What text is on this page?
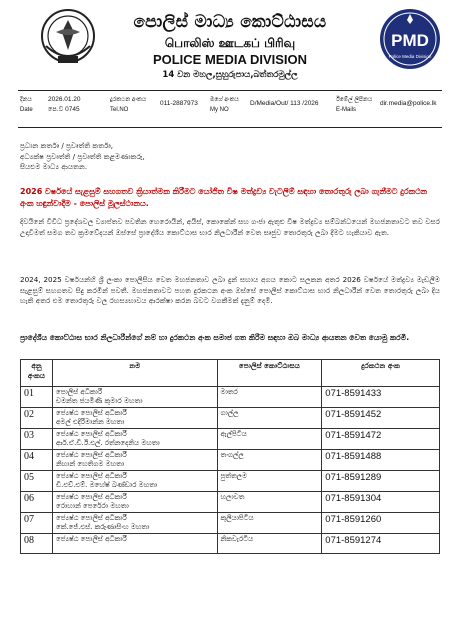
PMD
Police Media Division
පොලිස් මාධ්‍ය කොට්ඨාසය
பொலிஸ் ஊடகப் பிரிவு
POLICE MEDIA DIVISION
14 වන මහල,සුහුරුපාය,බත්තරමුල්ල
දිනය
Date
2026.01.20
පෙ.ව 0745
දුරකථන අංකය
Tel.NO
011-2887973 මගේ අංකය
My NO
D/Media/Out/ 113 /2026	ඊමේල් ලිපිනය
E-Mails
dir.media@police.lk
ප්‍රධාන කර්තෘ / ප්‍රවෘත්ති කර්තෘ,
අධ්‍යක්ෂ ප්‍රවෘත්ති / ප්‍රවෘත්ති කළමණාකරු,
සියළුම මාධ්‍ය ආයතන.
2026 වර්ෂයේ සැළසුම් සහගතව ක්‍රියාත්මක කිරීමට යෝජිත විෂ මත්ද්‍රව්‍ය වැටලීම් සඳහා තොරතුරු ලබා ගැනීමට දුරකථන අංක හඳුන්වාදීම - පොලිස් මූලස්ථානය.
දිවයිනේ විවිධ ප්‍රදේශවල ව්‍යාප්තව පවතින හෙරොයින්, අයිස්, කොකේන් සහ ගංජා ඇතුළු විෂ මත්ද්‍රව්‍ය සම්බන්ධයෙන් මහජනතාවට තව වසර උදාවීමත් සමග තව ක්‍රමවේදයන් ඔස්සේ ප්‍රාදේශීය කොට්ඨාස භාර නිලධාරීන් වෙත සෘජුව තොරතුරු ලබා දීමට හැකියාව ඇත.
2024, 2025 වර්ෂයන්හි ශ්‍රී ලංකා පොලිසිය වෙත මහජනතාව ලබා දුන් සහාය අගය කොට සලකන අතර 2026 වර්ෂයේ මත්ද්‍රව්‍ය මැඩලීම සැළසුම් සහගතව සිදු කරමින් පවතී. මහජනතාවට පහත දුරකථන අංක ඔස්සේ පොලිස් කොට්ඨාස භාර නිලධාරීන් වෙත තොරතුරු ලබා දිය හැකි අතර එම තොරතුරු වල රහස්‍යභාවය ආරක්ෂා කරන බවට වගකීමක් දැනුම් දෙමී.
ප්‍රාදේශීය කොට්ඨාස භාර නිලධාරීන්ගේ නම් හා දුරකථන අංක සමාජ ගත කිරීම සඳහා ඔබ මාධ්‍ය ආයතන වෙත යොමු කරමි.
අනු අංකය	නම	පොලිස් කොට්ඨාසය	දුරකථන අංක
01	පොලිස් අධිකාරී
චමන්ත ජයමිණි කුමාර මහතා	මාතර	071-8591433
02	ජ්‍යෙෂ්ඨ පොලිස් අධිකාරී
අමල් එදිරිමාන්න මහතා	ගාල්ල	071-8591452
03	ජ්‍යෙෂ්ඨ පොලිස් අධිකාරී
ආර්.ඒ.ඩී.ඊ.එල්. රත්නදෙනිය මහතා	ඇල්පිටිය	071-8591472
04	ජ්‍යෙෂ්ඨ පොලිස් අධිකාරී
නිහාන් හෙතිගම මහතා	තංගල්ල	071-8591488
05	ජ්‍යෙෂ්ඨ පොලිස් අධිකාරී
ඩී.එච්.එම්. මහේෂ් බණ්ඩාර මහතා	පුත්තලම	071-8591289
06	ජ්‍යෙෂ්ඨ පොලිස් අධිකාරී
රොහාන් පෙරේරා මහතා	හලාවත	071-8591304
07	ජ්‍යෙෂ්ඨ පොලිස් අධිකාරී
කේ.ජේ.එස්. කරුණාසිංහ මහතා	කුලියාපිටිය	071-8591260
08	ජ්‍යෙෂ්ඨ පොලිස් අධිකාරී	නිකවැරටිය	071-8591274
